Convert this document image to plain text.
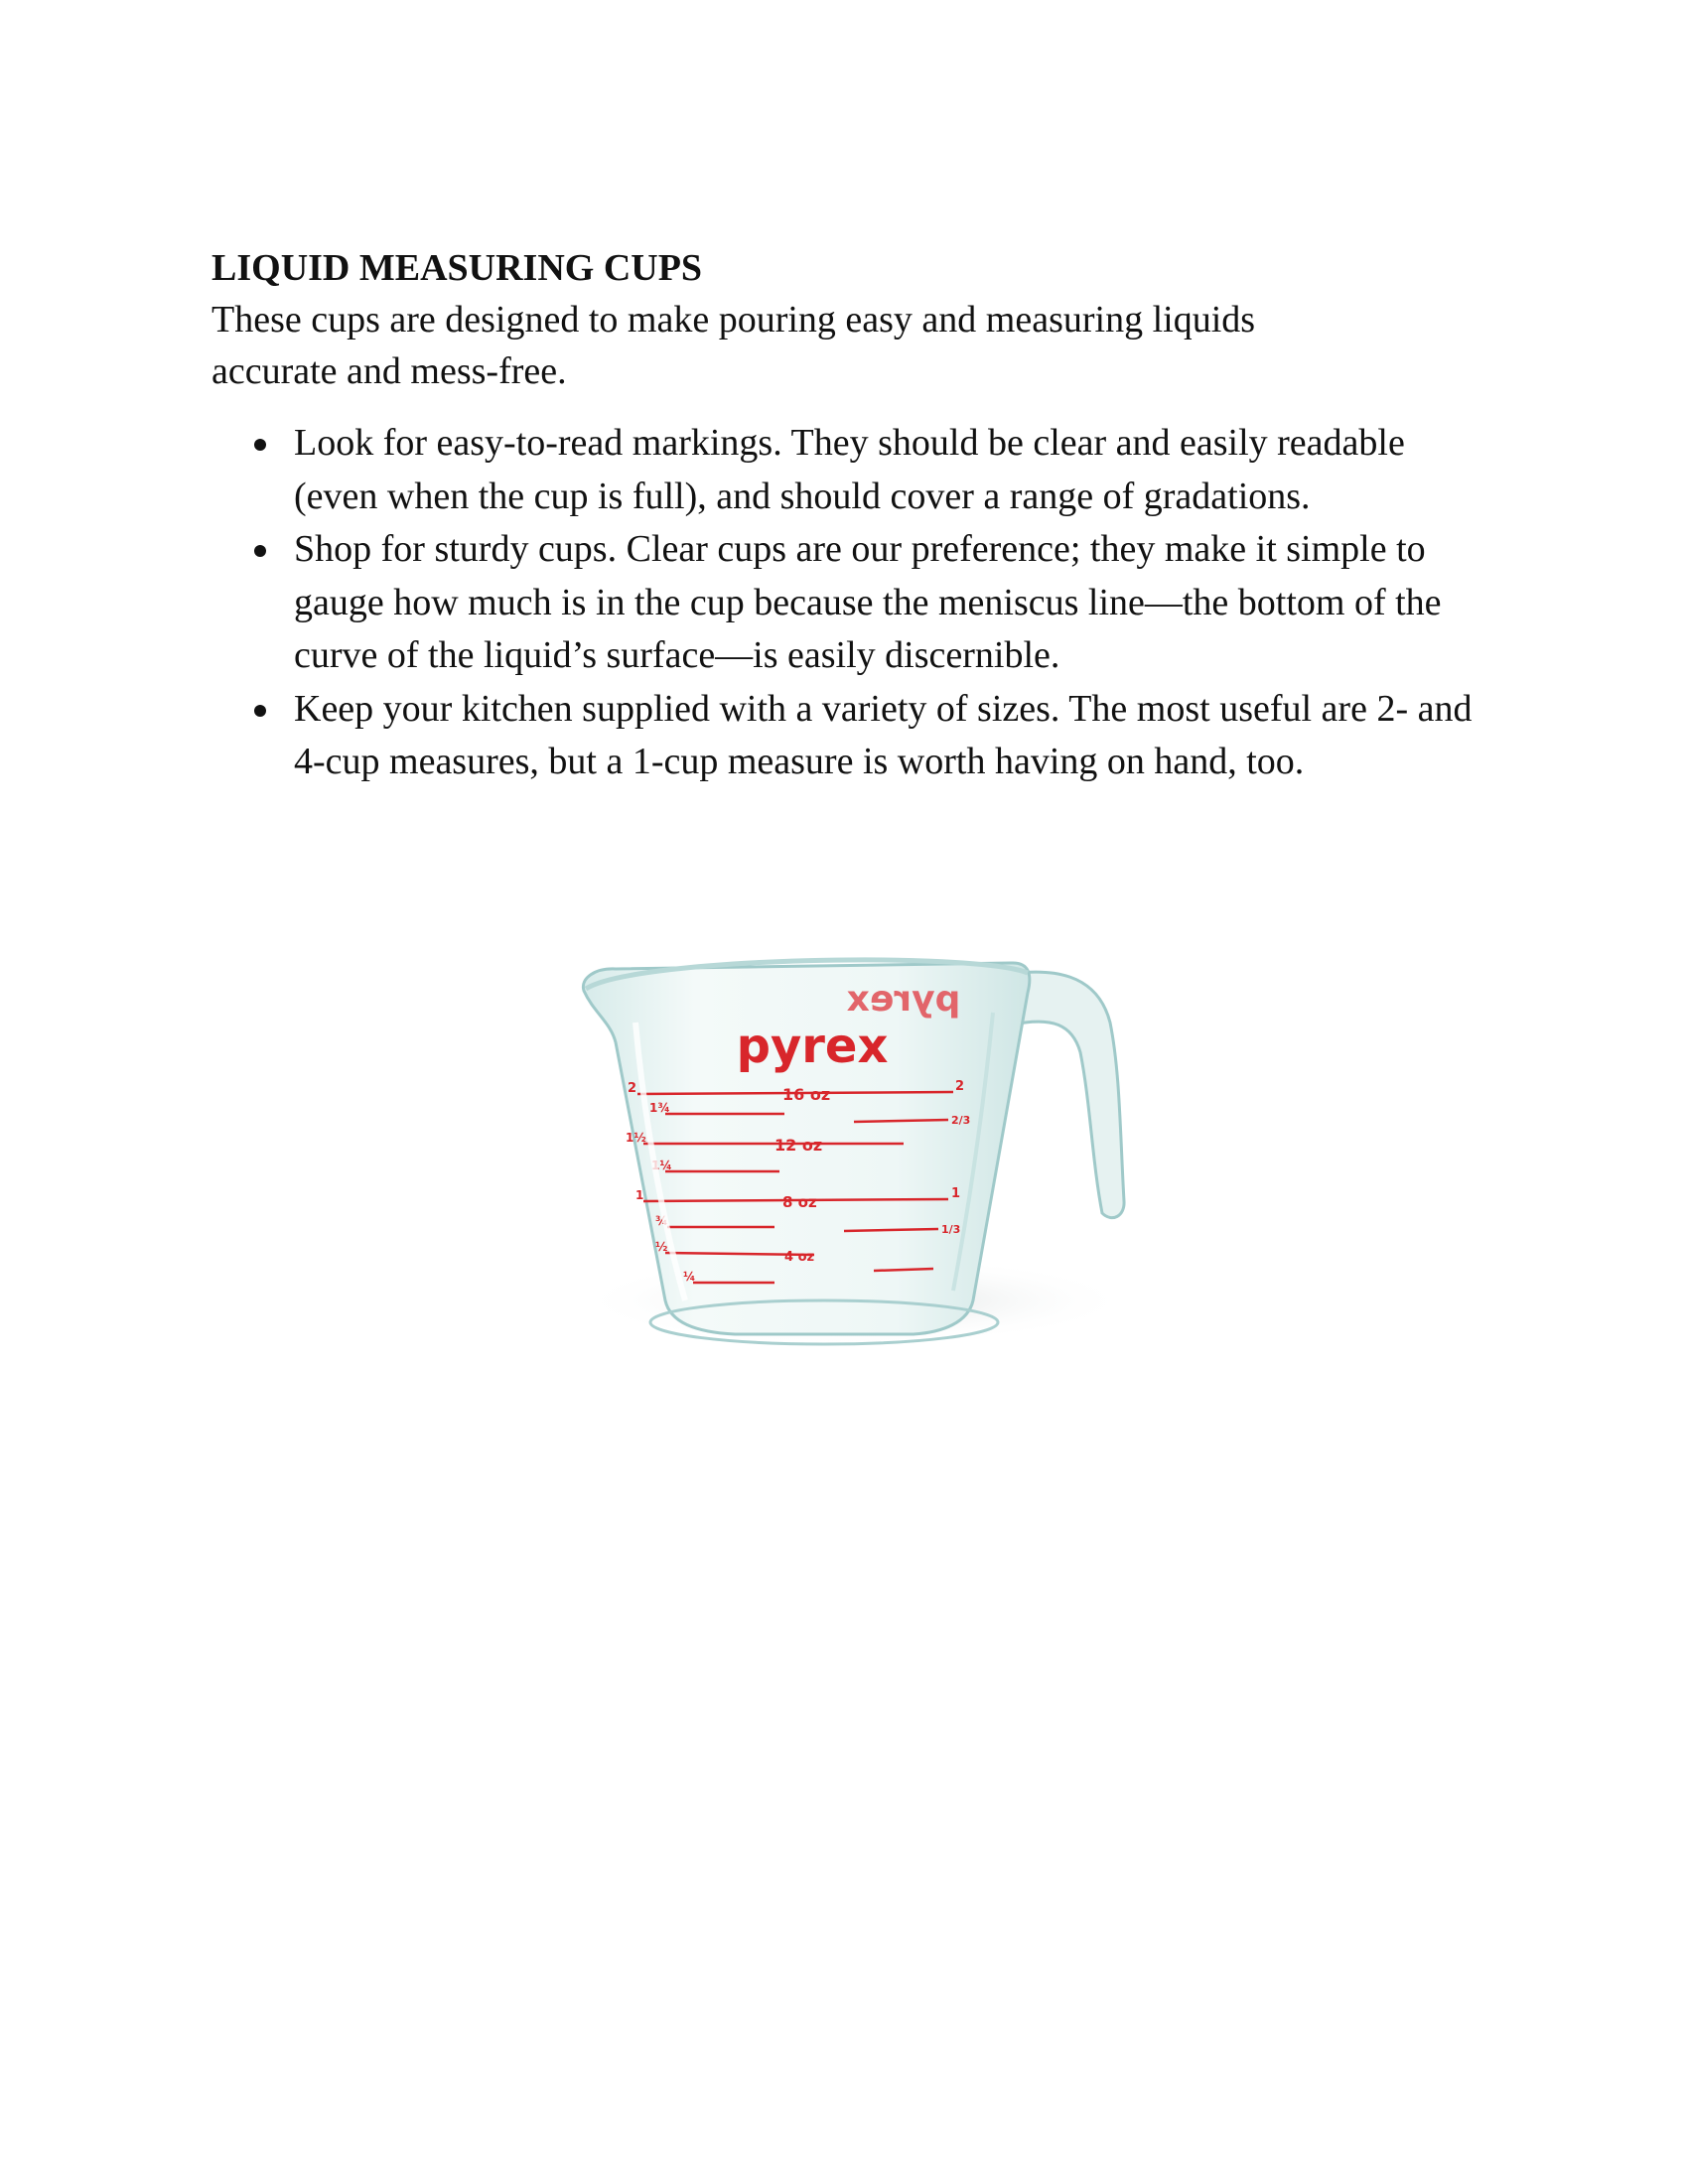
LIQUID MEASURING CUPS

These cups are designed to make pouring easy and measuring liquids accurate and mess-free.

Look for easy-to-read markings. They should be clear and easily readable (even when the cup is full), and should cover a range of gradations.
Shop for sturdy cups. Clear cups are our preference; they make it simple to gauge how much is in the cup because the meniscus line—the bottom of the curve of the liquid’s surface—is easily discernible.
Keep your kitchen supplied with a variety of sizes. The most useful are 2- and 4-cup measures, but a 1-cup measure is worth having on hand, too.
pyrex
pyrex
16 oz
12 oz
8 oz
4 oz
2
1¾
1½
1¼
1
¾
½
¼
2/3
1/3
2
1
